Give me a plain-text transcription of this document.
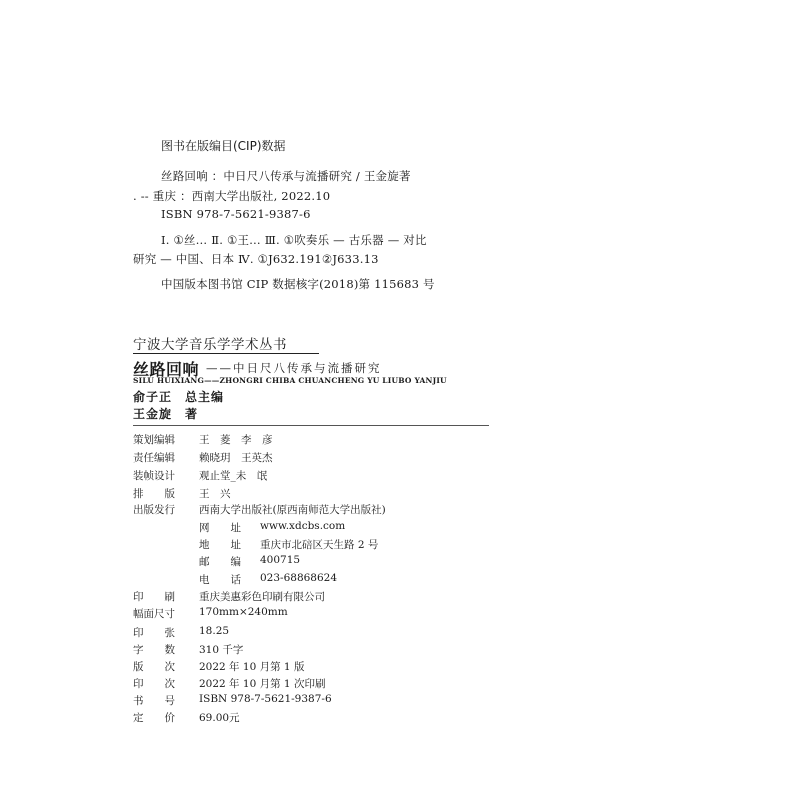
图书在版编目(CIP)数据
丝路回响 ：中日尺八传承与流播研究 / 王金旋著
. -- 重庆 ：西南大学出版社, 2022.10
ISBN 978-7-5621-9387-6
Ⅰ. ①丝… Ⅱ. ①王… Ⅲ. ①吹奏乐 — 古乐器 — 对比
研究 — 中国、日本 Ⅳ. ①J632.191②J633.13
中国版本图书馆 CIP 数据核字(2018)第 115683 号
宁波大学音乐学学术丛书
丝路回响 ——中日尺八传承与流播研究
SILU HUIXIANG——ZHONGRI CHIBA CHUANCHENG YU LIUBO YANJIU
俞子正　总主编
王金旋　著
策划编辑 王　菱　李　彦
责任编辑 赖晓玥　王英杰
装帧设计 观止堂_未　氓
排　　版 王　兴
出版发行 西南大学出版社(原西南师范大学出版社)
网　　址 www.xdcbs.com
地　　址 重庆市北碚区天生路 2 号
邮　　编 400715
电　　话 023-68868624
印　　刷 重庆美惠彩色印刷有限公司
幅面尺寸 170mm×240mm
印　　张 18.25
字　　数 310 千字
版　　次 2022 年 10 月第 1 版
印　　次 2022 年 10 月第 1 次印刷
书　　号 ISBN 978-7-5621-9387-6
定　　价 69.00元
